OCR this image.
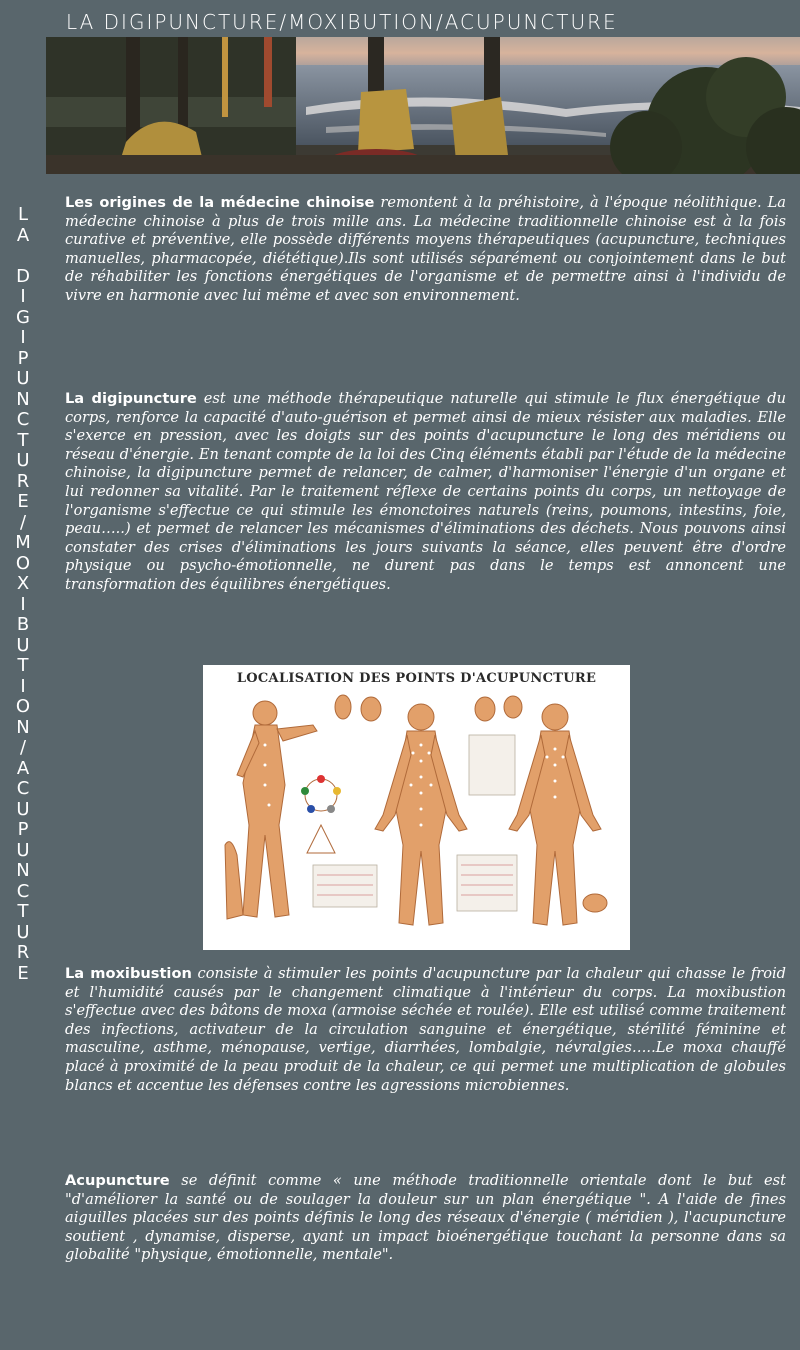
LA DIGIPUNCTURE/MOXIBUTION/ACUPUNCTURE
L
A

D
I
G
I
P
U
N
C
T
U
R
E
/
M
O
X
I
B
U
T
I
O
N
/
A
C
U
P
U
N
C
T
U
R
E

Les origines de la médecine chinoise remontent à la préhistoire, à l'époque néolithique. La médecine chinoise à plus de trois mille ans. La médecine traditionnelle chinoise est à la fois curative et préventive, elle possède différents moyens thérapeutiques (acupuncture, techniques manuelles, pharmacopée, diététique).Ils sont utilisés séparément ou conjointement dans le but de réhabiliter les fonctions énergétiques de l'organisme et de permettre ainsi à l'individu de vivre en harmonie avec lui même et avec son environnement.

La digipuncture est une méthode thérapeutique naturelle qui stimule le flux énergétique du corps, renforce la capacité d'auto-guérison et permet ainsi de mieux résister aux maladies. Elle s'exerce en pression, avec les doigts sur des points d'acupuncture le long des méridiens ou réseau d'énergie. En tenant compte de la loi des Cinq éléments établi par l'étude de la médecine chinoise, la digipuncture permet de relancer, de calmer, d'harmoniser l'énergie d'un organe et lui redonner sa vitalité. Par le traitement réflexe de certains points du corps, un nettoyage de l'organisme s'effectue ce qui stimule les émonctoires naturels (reins, poumons, intestins, foie, peau…..) et permet de relancer les mécanismes d'éliminations des déchets. Nous pouvons ainsi constater des crises d'éliminations les jours suivants la séance, elles peuvent être d'ordre physique ou psycho-émotionnelle, ne durent pas dans le temps est annoncent une transformation des équilibres énergétiques.

LOCALISATION DES POINTS D'ACUPUNCTURE

La moxibustion consiste à stimuler les points d'acupuncture par la chaleur qui chasse le froid et l'humidité causés par le changement climatique à l'intérieur du corps. La moxibustion s'effectue avec des bâtons de moxa (armoise séchée et roulée). Elle est utilisé comme traitement des infections, activateur de la circulation sanguine et énergétique, stérilité féminine et masculine, asthme, ménopause, vertige, diarrhées, lombalgie, névralgies…..Le moxa chauffé placé à proximité de la peau produit de la chaleur, ce qui permet une multiplication de globules blancs et accentue les défenses contre les agressions microbiennes.

Acupuncture se définit comme « une méthode traditionnelle orientale dont le but est "d'améliorer la santé ou de soulager la douleur sur un plan énergétique ". A l'aide de fines aiguilles placées sur des points définis le long des réseaux d'énergie ( méridien ), l'acupuncture soutient , dynamise, disperse, ayant un impact bioénergétique touchant la personne dans sa globalité "physique, émotionnelle, mentale".
